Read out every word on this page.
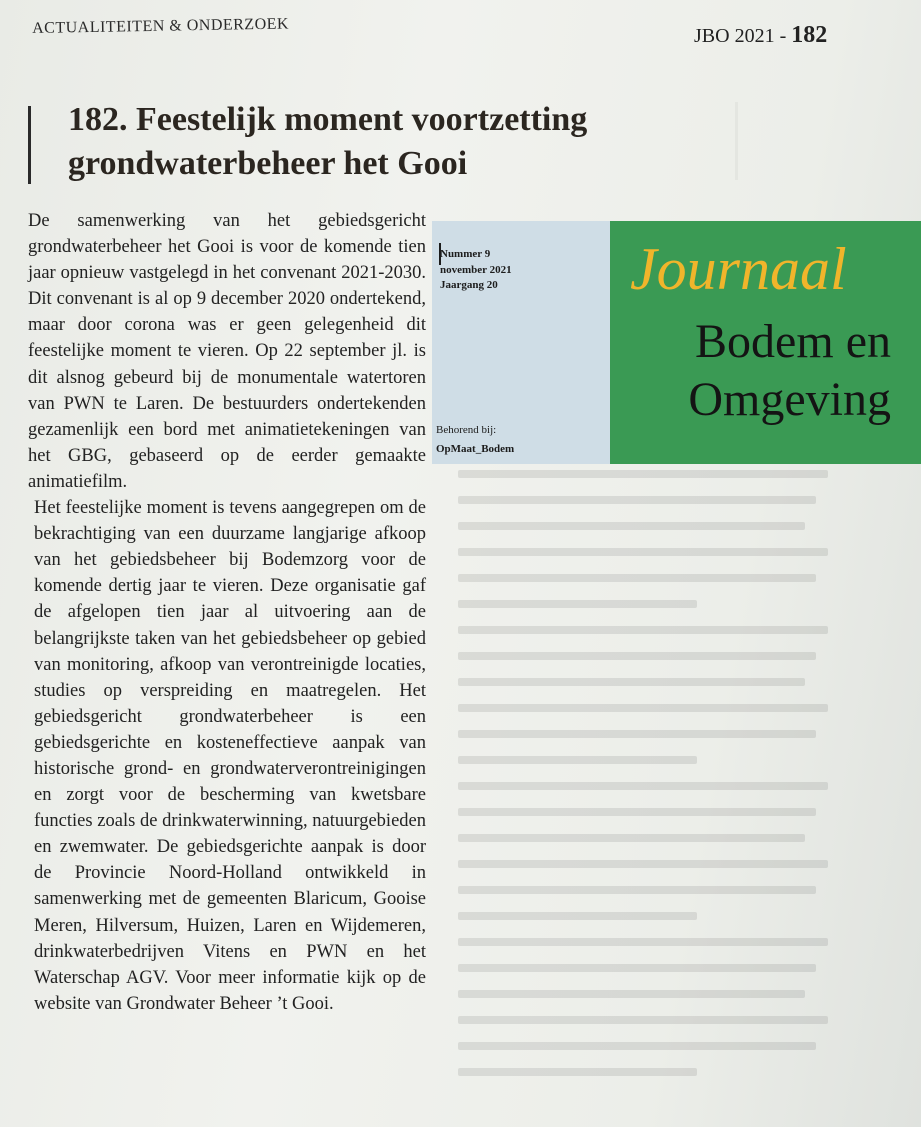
ACTUALITEITEN & ONDERZOEK	JBO 2021 - 182
182. Feestelijk moment voortzetting grondwaterbeheer het Gooi

De samenwerking van het gebiedsgericht grondwaterbeheer het Gooi is voor de komende tien jaar opnieuw vastgelegd in het convenant 2021-2030. Dit convenant is al op 9 december 2020 ondertekend, maar door corona was er geen gelegenheid dit feestelijke moment te vieren. Op 22 september jl. is dit alsnog gebeurd bij de monumentale watertoren van PWN te Laren. De bestuurders ondertekenden gezamenlijk een bord met animatietekeningen van het GBG, gebaseerd op de eerder gemaakte animatiefilm.

Het feestelijke moment is tevens aangegrepen om de bekrachtiging van een duurzame langjarige afkoop van het gebiedsbeheer bij Bodemzorg voor de komende dertig jaar te vieren. Deze organisatie gaf de afgelopen tien jaar al uitvoering aan de belangrijkste taken van het gebiedsbeheer op gebied van monitoring, afkoop van verontreinigde locaties, studies op verspreiding en maatregelen. Het gebiedsgericht grondwaterbeheer is een gebiedsgerichte en kosteneffectieve aanpak van historische grond- en grondwaterverontreinigingen en zorgt voor de bescherming van kwetsbare functies zoals de drinkwaterwinning, natuurgebieden en zwemwater. De gebiedsgerichte aanpak is door de Provincie Noord-Holland ontwikkeld in samenwerking met de gemeenten Blaricum, Gooise Meren, Hilversum, Huizen, Laren en Wijdemeren, drinkwaterbedrijven Vitens en PWN en het Waterschap AGV. Voor meer informatie kijk op de website van Grondwater Beheer ’t Gooi.

Nummer 9
november 2021
Jaargang 20
Behorend bij:
OpMaat_Bodem
Journaal
Bodem en
Omgeving
